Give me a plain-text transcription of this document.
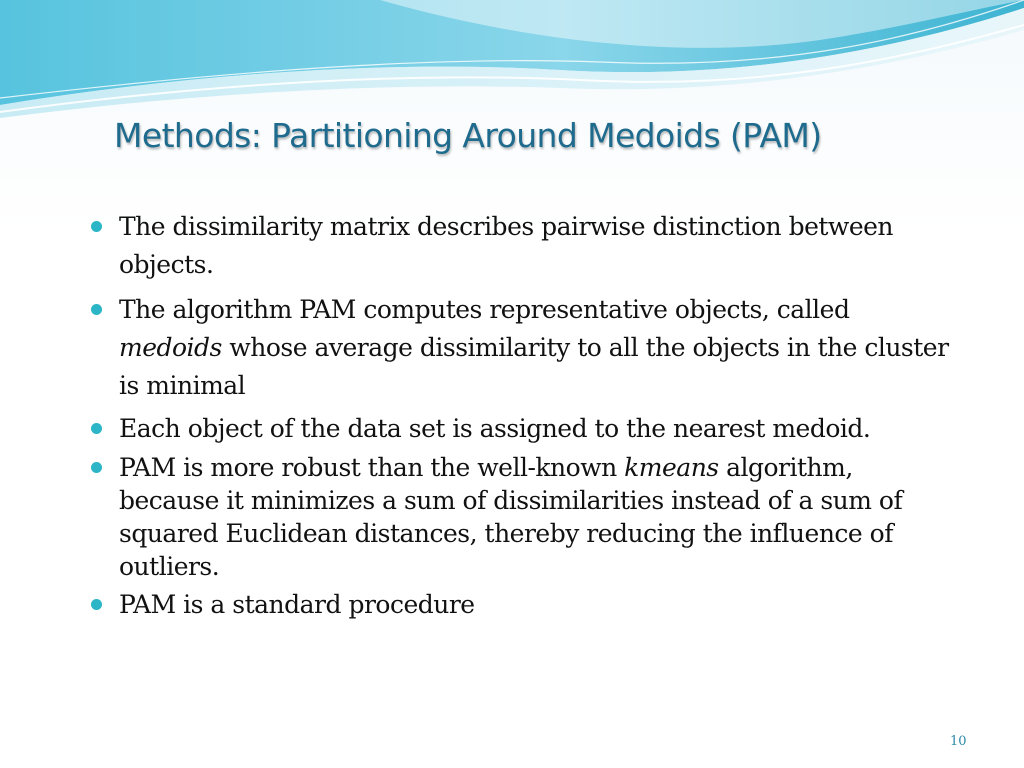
Methods: Partitioning Around Medoids (PAM)
The dissimilarity matrix describes pairwise distinction between objects.
The algorithm PAM computes representative objects, called medoids whose average dissimilarity to all the objects in the cluster is minimal
Each object of the data set is assigned to the nearest medoid.
PAM is more robust than the well-known kmeans algorithm, because it minimizes a sum of dissimilarities instead of a sum of squared Euclidean distances, thereby reducing the influence of outliers.
PAM is a standard procedure
10
